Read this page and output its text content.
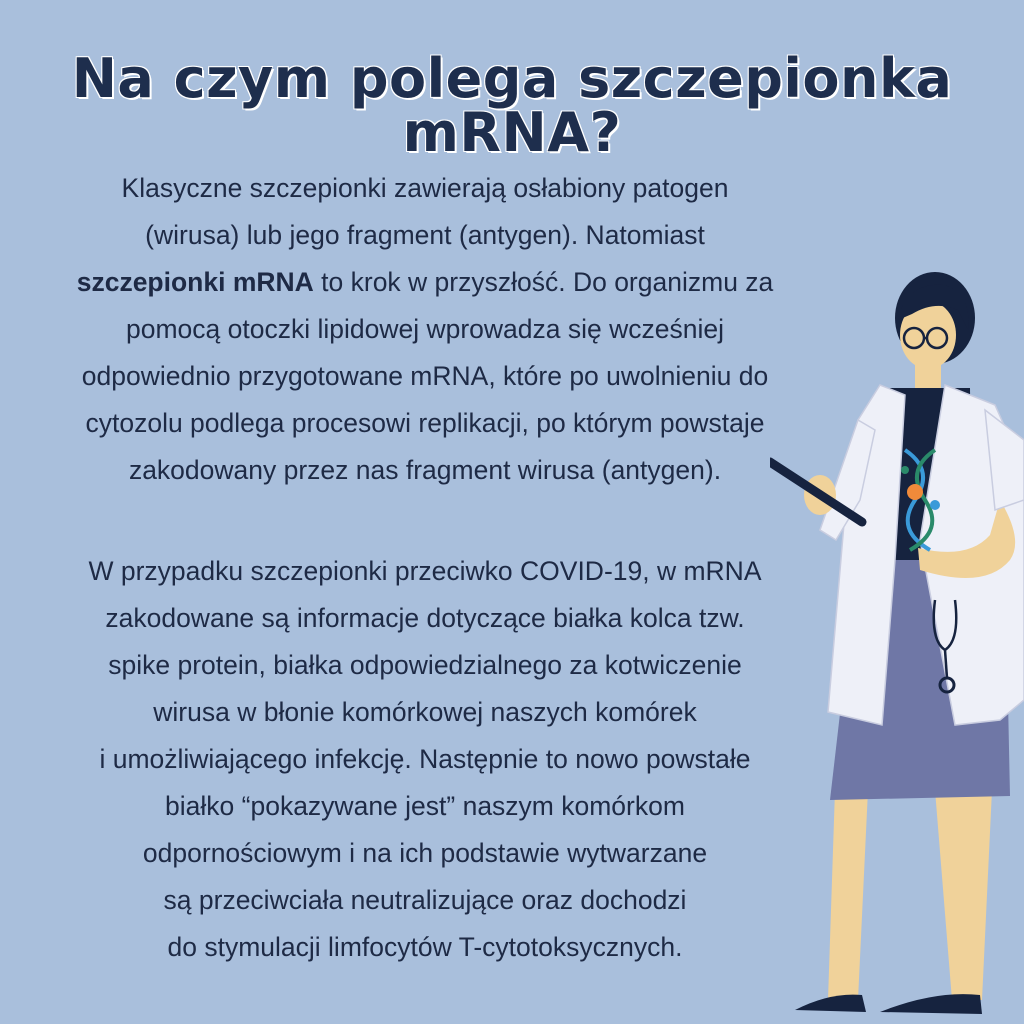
Na czym polega szczepionka mRNA?

Klasyczne szczepionki zawierają osłabiony patogen
(wirusa) lub jego fragment (antygen). Natomiast
szczepionki mRNA to krok w przyszłość. Do organizmu za
pomocą otoczki lipidowej wprowadza się wcześniej
odpowiednio przygotowane mRNA, które po uwolnieniu do
cytozolu podlega procesowi replikacji, po którym powstaje
zakodowany przez nas fragment wirusa (antygen).

W przypadku szczepionki przeciwko COVID-19, w mRNA
zakodowane są informacje dotyczące białka kolca tzw.
spike protein, białka odpowiedzialnego za kotwiczenie
wirusa w błonie komórkowej naszych komórek
i umożliwiającego infekcję. Następnie to nowo powstałe
białko “pokazywane jest” naszym komórkom
odpornościowym i na ich podstawie wytwarzane
są przeciwciała neutralizujące oraz dochodzi
do stymulacji limfocytów T-cytotoksycznych.
